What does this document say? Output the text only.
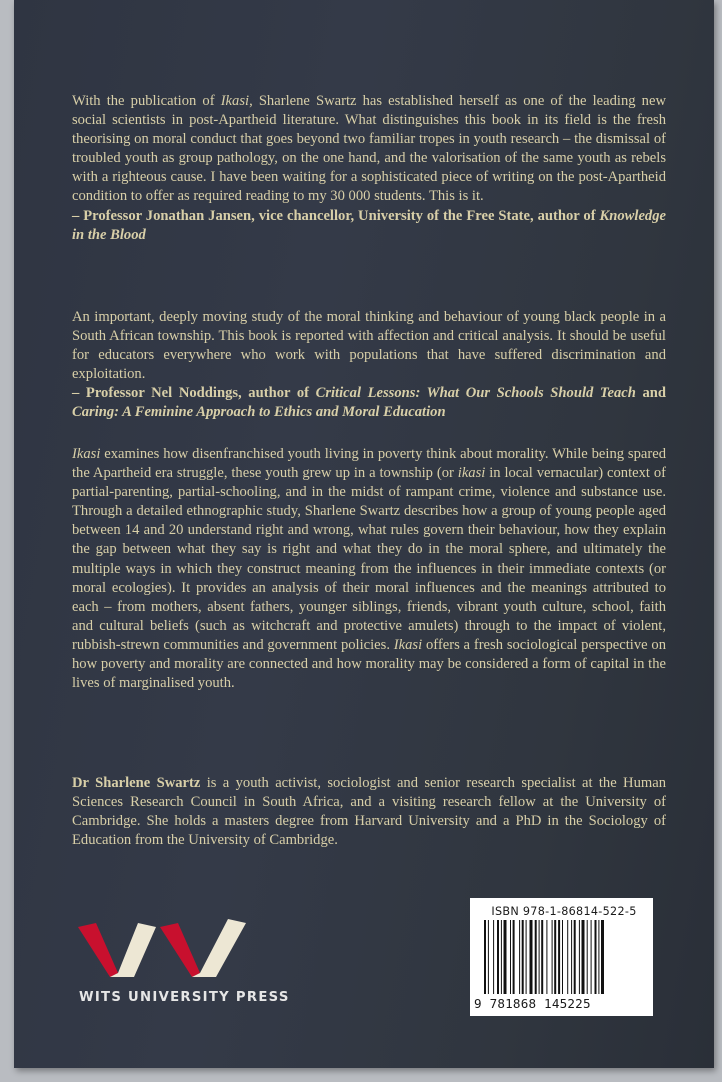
With the publication of Ikasi, Sharlene Swartz has established herself as one of the leading new social scientists in post-Apartheid literature. What distinguishes this book in its field is the fresh theorising on moral conduct that goes beyond two familiar tropes in youth research – the dismissal of troubled youth as group pathology, on the one hand, and the valorisation of the same youth as rebels with a righteous cause. I have been waiting for a sophisticated piece of writing on the post-Apartheid condition to offer as required reading to my 30 000 students. This is it.

– Professor Jonathan Jansen, vice chancellor, University of the Free State, author of Knowledge in the Blood

An important, deeply moving study of the moral thinking and behaviour of young black people in a South African township. This book is reported with affection and critical analysis. It should be useful for educators everywhere who work with populations that have suffered discrimination and exploitation.

– Professor Nel Noddings, author of Critical Lessons: What Our Schools Should Teach and Caring: A Feminine Approach to Ethics and Moral Education

Ikasi examines how disenfranchised youth living in poverty think about morality. While being spared the Apartheid era struggle, these youth grew up in a township (or ikasi in local vernacular) context of partial-parenting, partial-schooling, and in the midst of rampant crime, violence and substance use. Through a detailed ethnographic study, Sharlene Swartz describes how a group of young people aged between 14 and 20 understand right and wrong, what rules govern their behaviour, how they explain the gap between what they say is right and what they do in the moral sphere, and ultimately the multiple ways in which they construct meaning from the influences in their immediate contexts (or moral ecologies). It provides an analysis of their moral influences and the meanings attributed to each – from mothers, absent fathers, younger siblings, friends, vibrant youth culture, school, faith and cultural beliefs (such as witchcraft and protective amulets) through to the impact of violent, rubbish-strewn communities and government policies. Ikasi offers a fresh sociological perspective on how poverty and morality are connected and how morality may be considered a form of capital in the lives of marginalised youth.

Dr Sharlene Swartz is a youth activist, sociologist and senior research specialist at the Human Sciences Research Council in South Africa, and a visiting research fellow at the University of Cambridge. She holds a masters degree from Harvard University and a PhD in the Sociology of Education from the University of Cambridge.

WITS UNIVERSITY PRESS
ISBN 978-1-86814-522-5
9 781868 145225
